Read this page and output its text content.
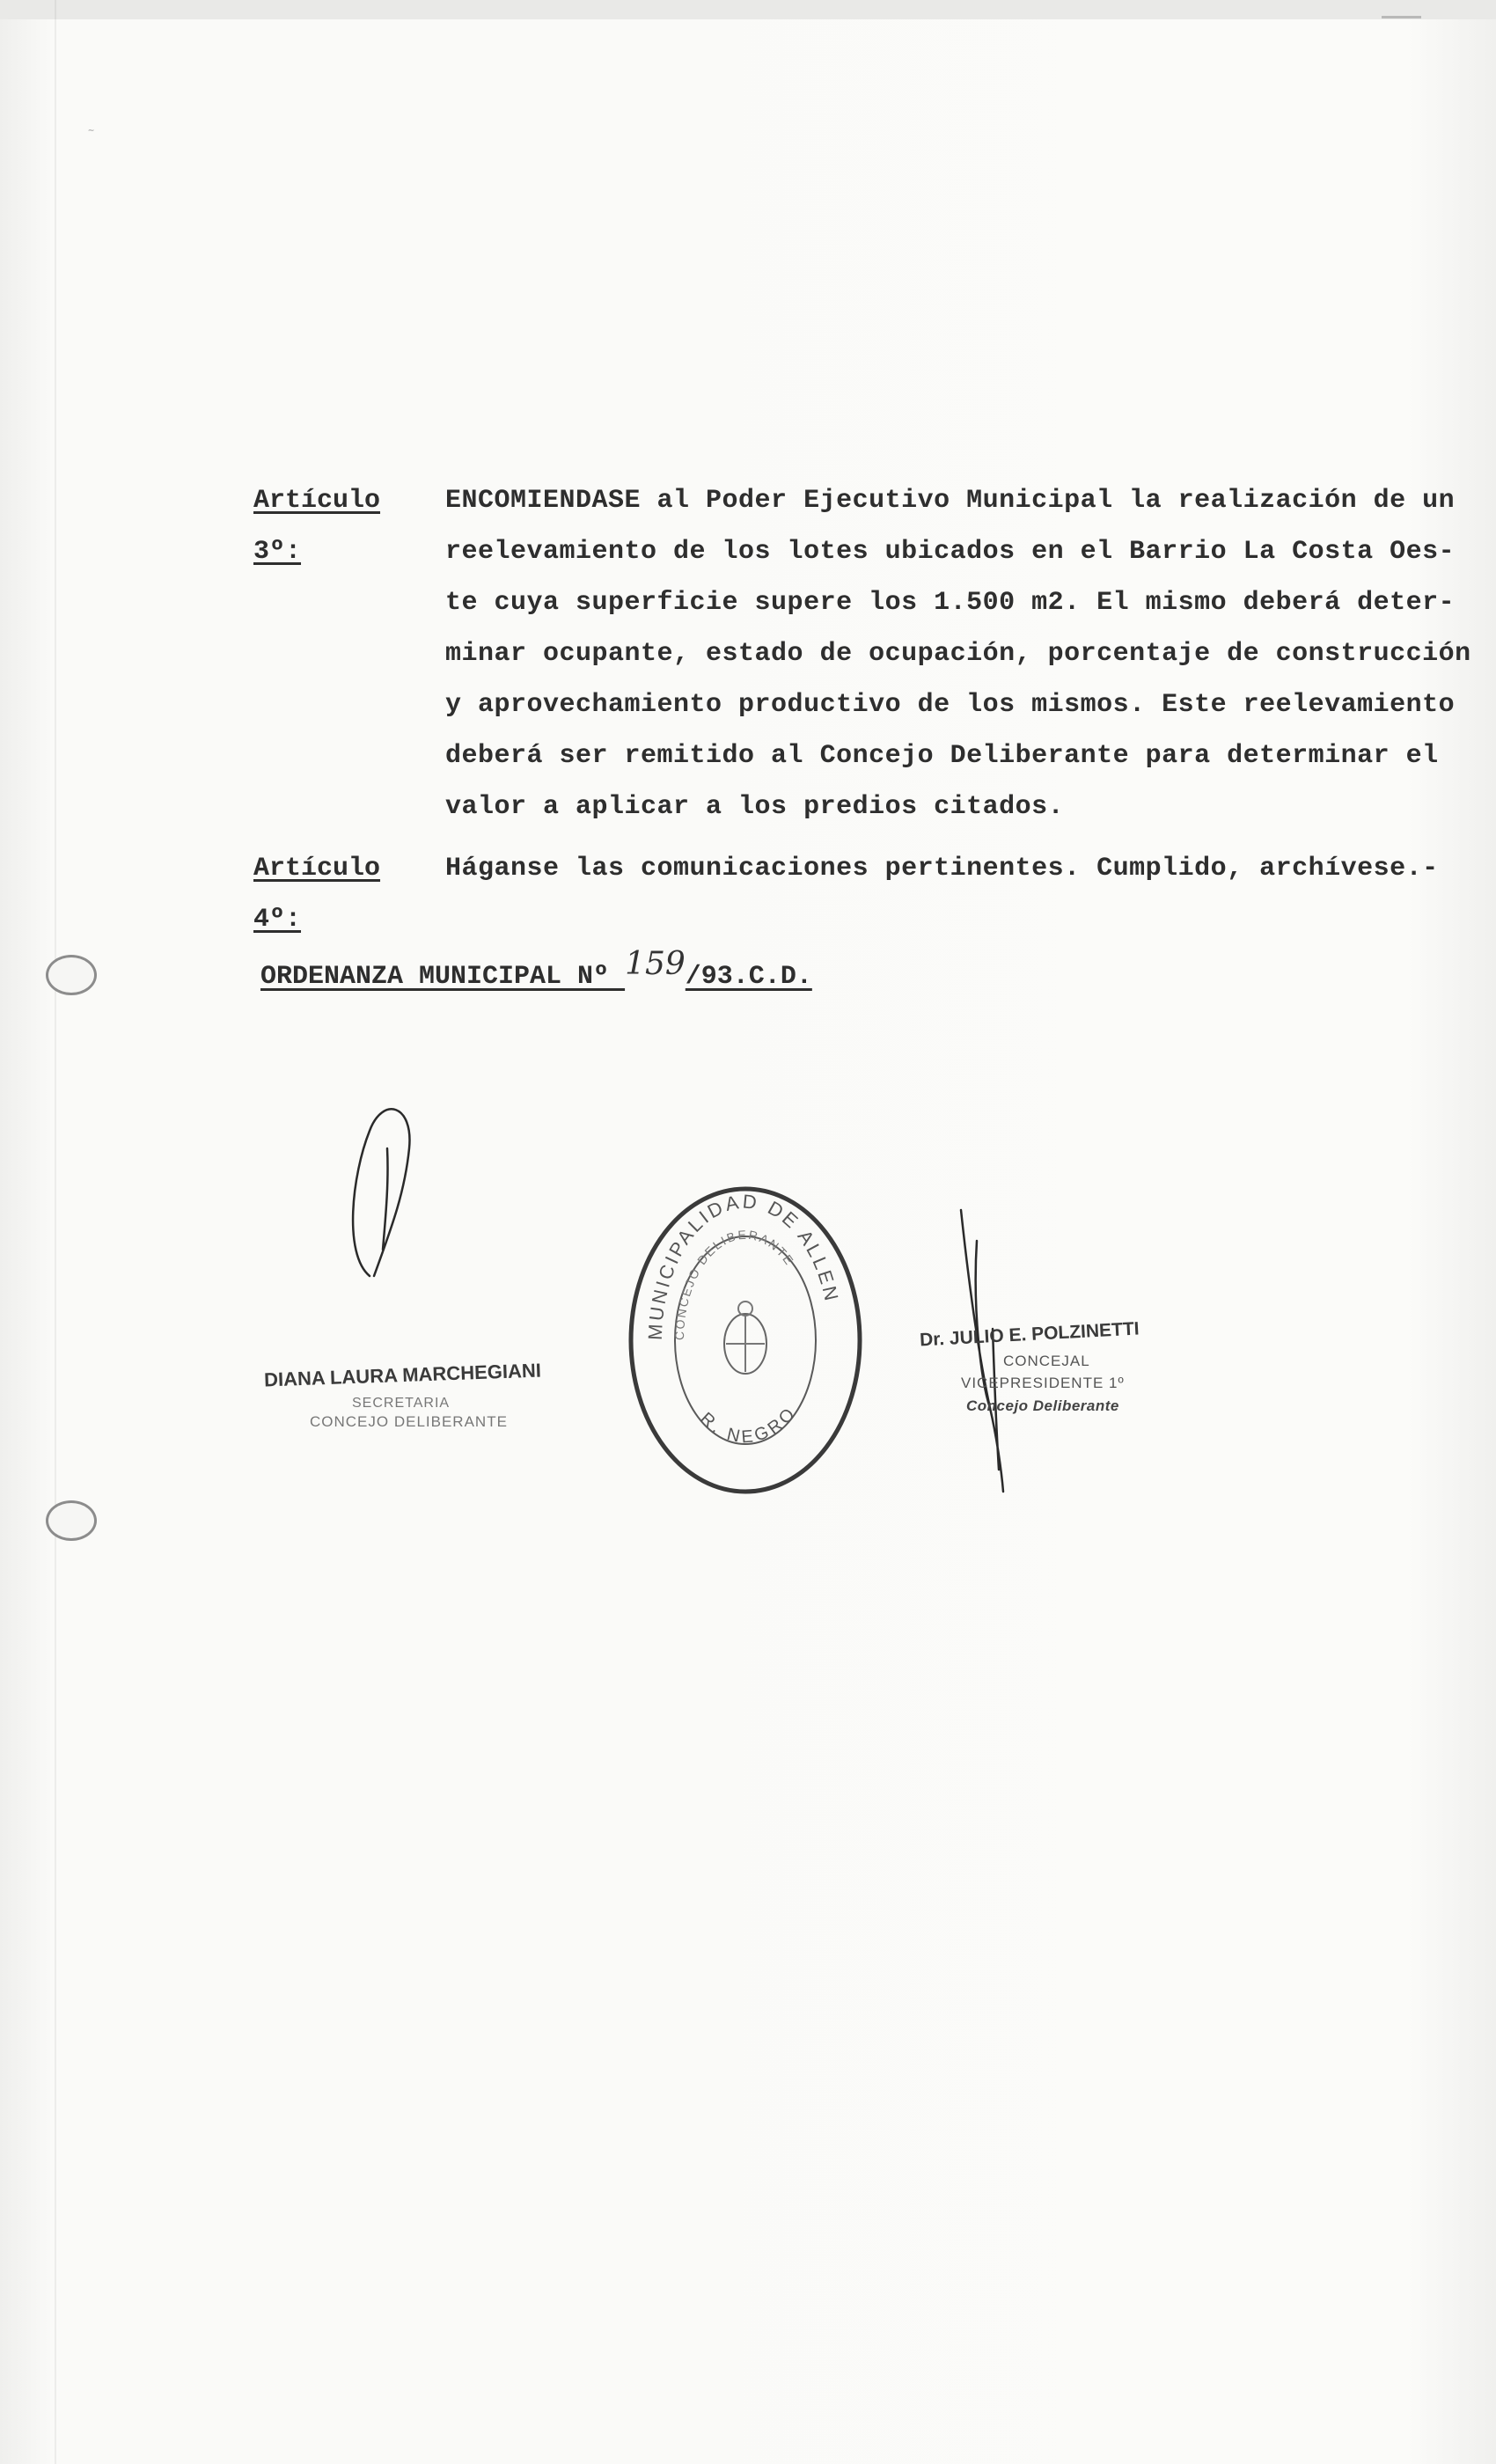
~
Artículo 3º:
ENCOMIENDASE al Poder Ejecutivo Municipal la realización de un
reelevamiento de los lotes ubicados en el Barrio La Costa Oes-
te cuya superficie supere los 1.500 m2. El mismo deberá deter-
minar ocupante, estado de ocupación, porcentaje de construcción
y aprovechamiento productivo de los mismos. Este reelevamiento
deberá ser remitido al Concejo Deliberante para determinar el
valor a aplicar a los predios citados.
Artículo 4º:
Háganse las comunicaciones pertinentes. Cumplido, archívese.-
ORDENANZA MUNICIPAL Nº 159/93.C.D.
DIANA LAURA MARCHEGIANI
SECRETARIA
CONCEJO DELIBERANTE
MUNICIPALIDAD DE ALLEN
CONCEJO DELIBERANTE
R. NEGRO
Dr. JULIO E. POLZINETTI
CONCEJAL
VICEPRESIDENTE 1º
Concejo Deliberante
